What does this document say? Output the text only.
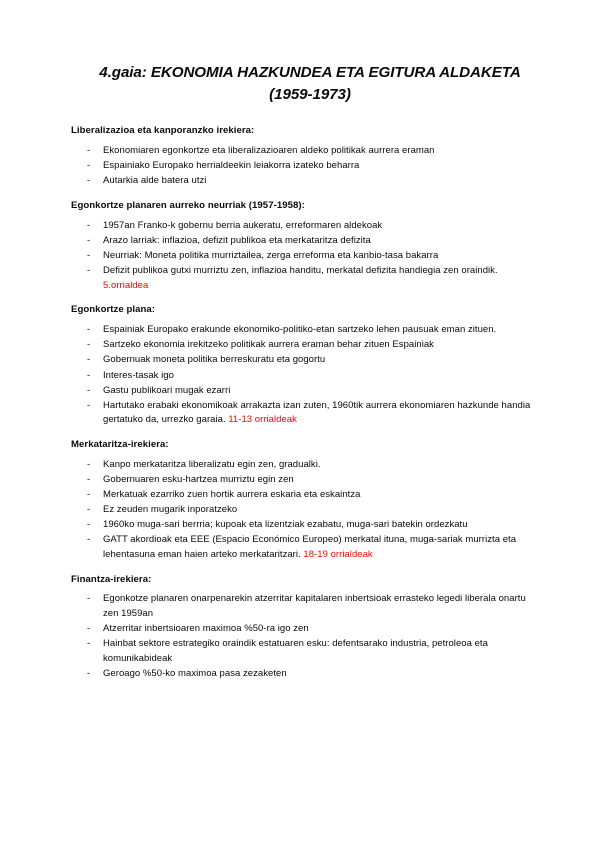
4.gaia: EKONOMIA HAZKUNDEA ETA EGITURA ALDAKETA (1959-1973)
Liberalizazioa eta kanporanzko irekiera:
- Ekonomiaren egonkortze eta liberalizazioaren aldeko politikak aurrera eraman
- Espainiako Europako herrialdeekin leiakorra izateko beharra
- Autarkia alde batera utzi
Egonkortze planaren aurreko neurriak (1957-1958):
- 1957an Franko-k gobernu berria aukeratu, erreformaren aldekoak
- Arazo larriak: inflazioa, defizit publikoa eta merkataritza defizita
- Neurriak: Moneta politika murriztailea, zerga erreforma eta kanbio-tasa bakarra
- Defizit publikoa gutxi murriztu zen, inflazioa handitu, merkatal defizita handiegia zen oraindik. 5.orrialdea
Egonkortze plana:
- Espainiak Europako erakunde ekonomiko-politiko-etan sartzeko lehen pausuak eman zituen.
- Sartzeko ekonomia irekitzeko politikak aurrera eraman behar zituen Espainiak
- Gobernuak moneta politika berreskuratu eta gogortu
- Interes-tasak igo
- Gastu publikoari mugak ezarri
- Hartutako erabaki ekonomikoak arrakazta izan zuten, 1960tik aurrera ekonomiaren hazkunde handia gertatuko da, urrezko garaia. 11-13 orrialdeak
Merkataritza-irekiera:
- Kanpo merkataritza liberalizatu egin zen, gradualki.
- Gobernuaren esku-hartzea murriztu egin zen
- Merkatuak ezarriko zuen hortik aurrera eskaria eta eskaintza
- Ez zeuden mugarik inporatzeko
- 1960ko muga-sari berrria; kupoak eta lizentziak ezabatu, muga-sari batekin ordezkatu
- GATT akordioak eta EEE (Espacio Económico Europeo) merkatal ituna, muga-sariak murrizta eta lehentasuna eman haien arteko merkataritzari. 18-19 orrialdeak
Finantza-irekiera:
- Egonkotze planaren onarpenarekin atzerritar kapitalaren inbertsioak errasteko legedi liberala onartu zen 1959an
- Atzerritar inbertsioaren maximoa %50-ra igo zen
- Hainbat sektore estrategiko oraindik estatuaren esku: defentsarako industria, petroleoa eta komunikabideak
- Geroago %50-ko maximoa pasa zezaketen
